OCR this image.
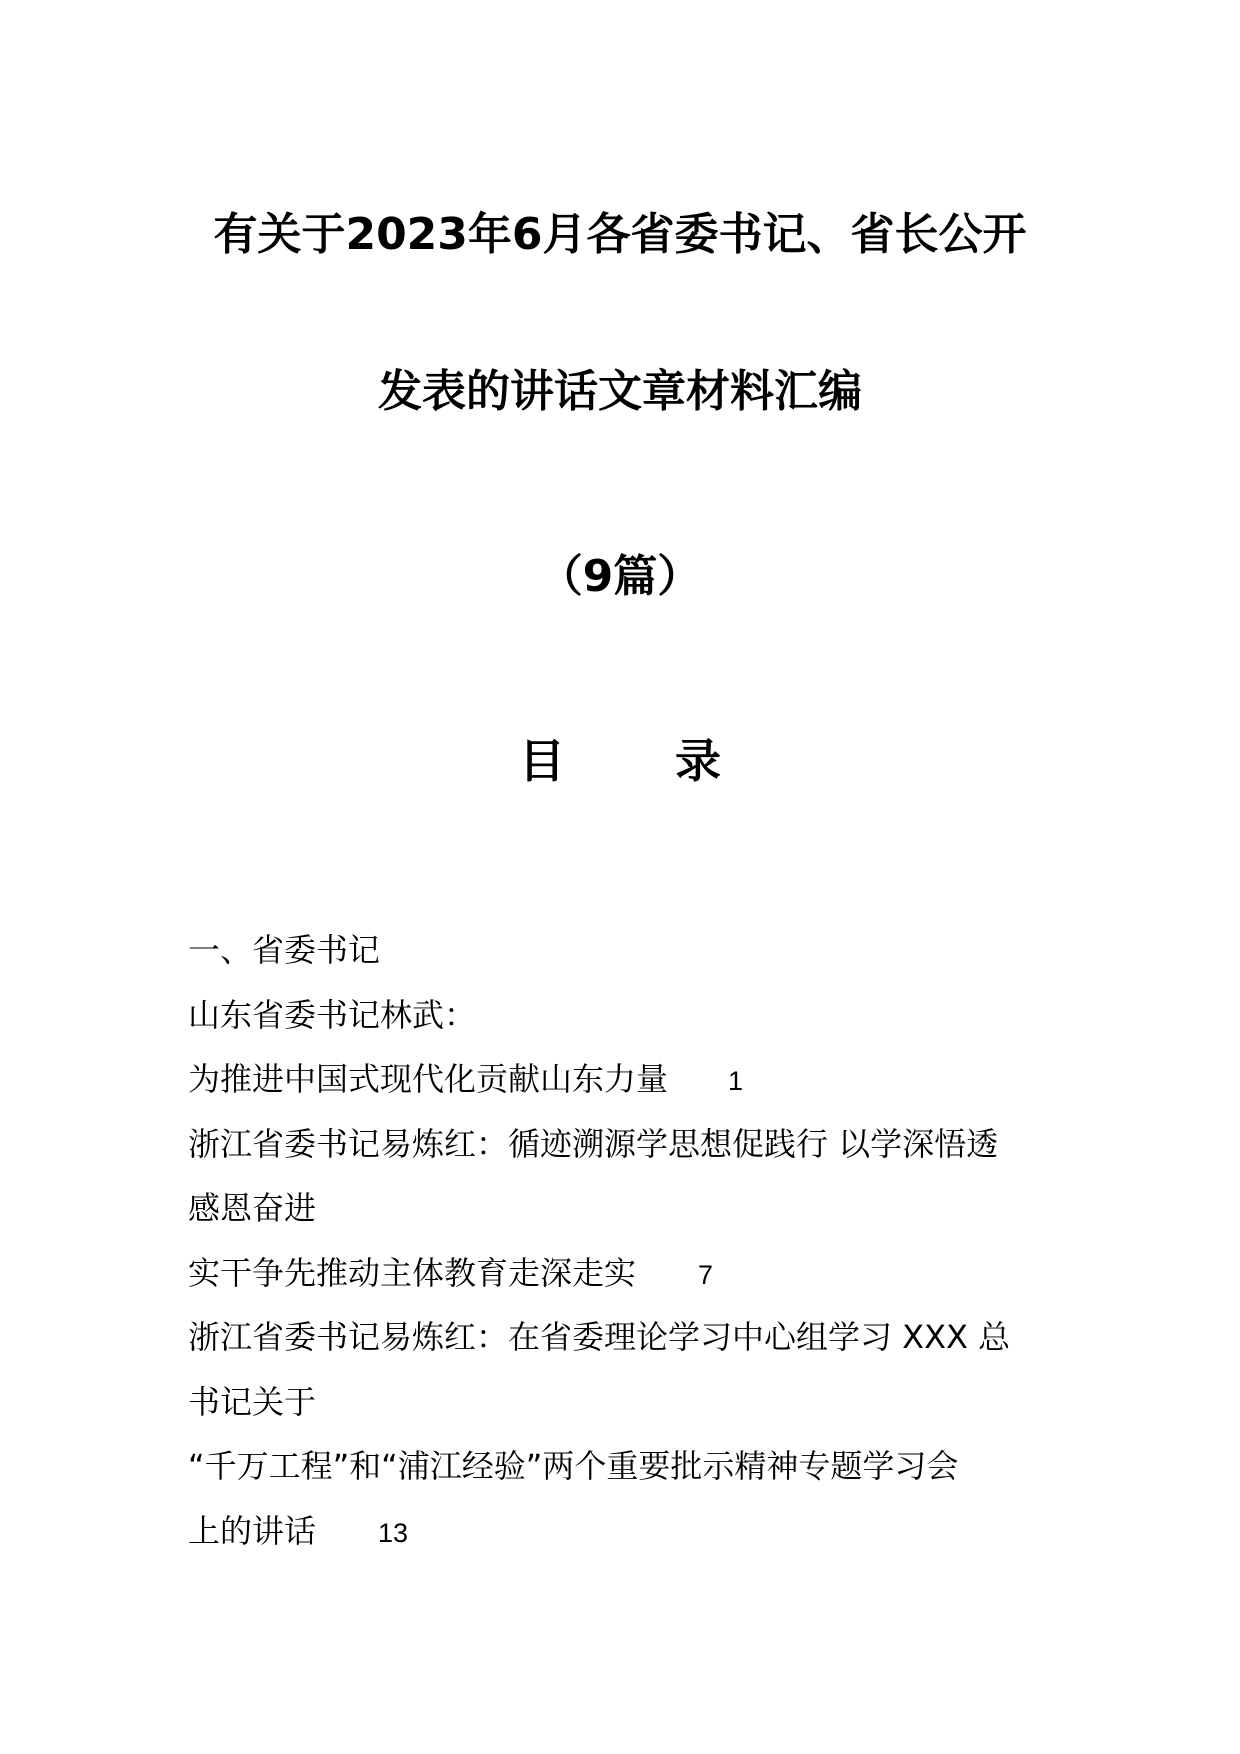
有关于2023年6月各省委书记、省长公开
发表的讲话文章材料汇编
（9篇）
目 录
一、省委书记
山东省委书记林武：
为推进中国式现代化贡献山东力量 1
浙江省委书记易炼红：循迹溯源学思想促践行 以学深悟透
感恩奋进
实干争先推动主体教育走深走实 7
浙江省委书记易炼红：在省委理论学习中心组学习 XXX 总
书记关于
“千万工程”和“浦江经验”两个重要批示精神专题学习会
上的讲话 13
